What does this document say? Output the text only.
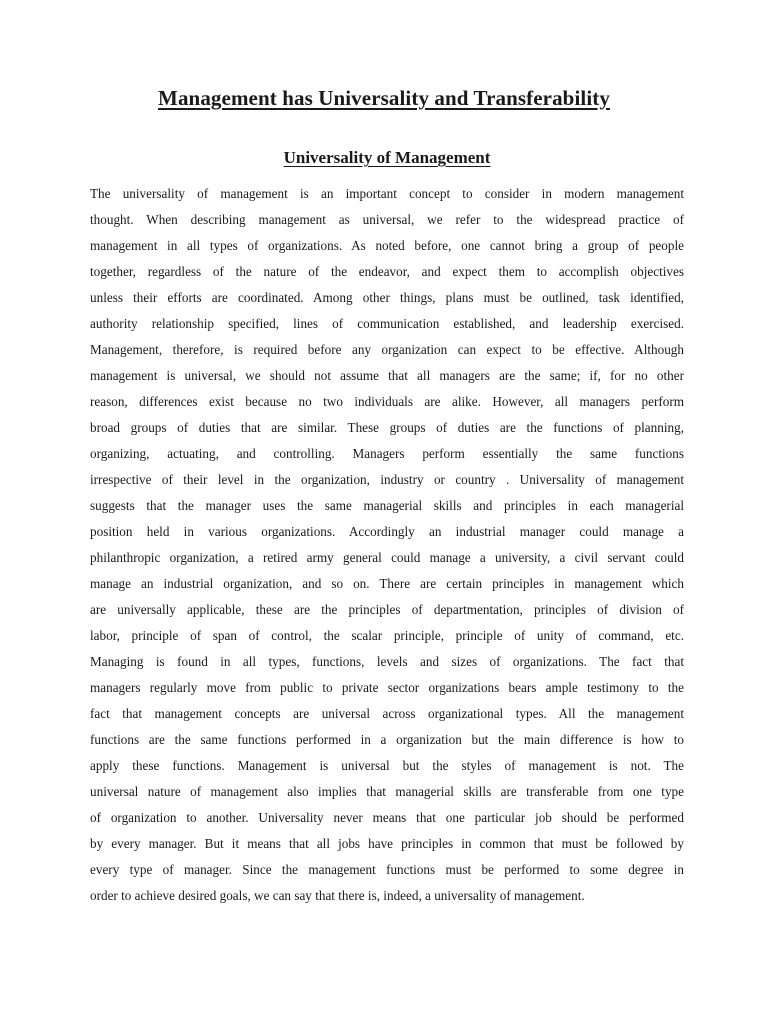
Management has Universality and Transferability
Universality of Management
The universality of management is an important concept to consider in modern management
thought. When describing management as universal, we refer to the widespread practice of
management in all types of organizations. As noted before, one cannot bring a group of people
together, regardless of the nature of the endeavor, and expect them to accomplish objectives
unless their efforts are coordinated. Among other things, plans must be outlined, task identified,
authority relationship specified, lines of communication established, and leadership exercised.
Management, therefore, is required before any organization can expect to be effective. Although
management is universal, we should not assume that all managers are the same; if, for no other
reason, differences exist because no two individuals are alike. However, all managers perform
broad groups of duties that are similar. These groups of duties are the functions of planning,
organizing, actuating, and controlling. Managers perform essentially the same functions
irrespective of their level in the organization, industry or country . Universality of management
suggests that the manager uses the same managerial skills and principles in each managerial
position held in various organizations. Accordingly an industrial manager could manage a
philanthropic organization, a retired army general could manage a university, a civil servant could
manage an industrial organization, and so on. There are certain principles in management which
are universally applicable, these are the principles of departmentation, principles of division of
labor, principle of span of control, the scalar principle, principle of unity of command, etc.
Managing is found in all types, functions, levels and sizes of organizations. The fact that
managers regularly move from public to private sector organizations bears ample testimony to the
fact that management concepts are universal across organizational types. All the management
functions are the same functions performed in a organization but the main difference is how to
apply these functions. Management is universal but the styles of management is not. The
universal nature of management also implies that managerial skills are transferable from one type
of organization to another. Universality never means that one particular job should be performed
by every manager. But it means that all jobs have principles in common that must be followed by
every type of manager. Since the management functions must be performed to some degree in
order to achieve desired goals, we can say that there is, indeed, a universality of management.
